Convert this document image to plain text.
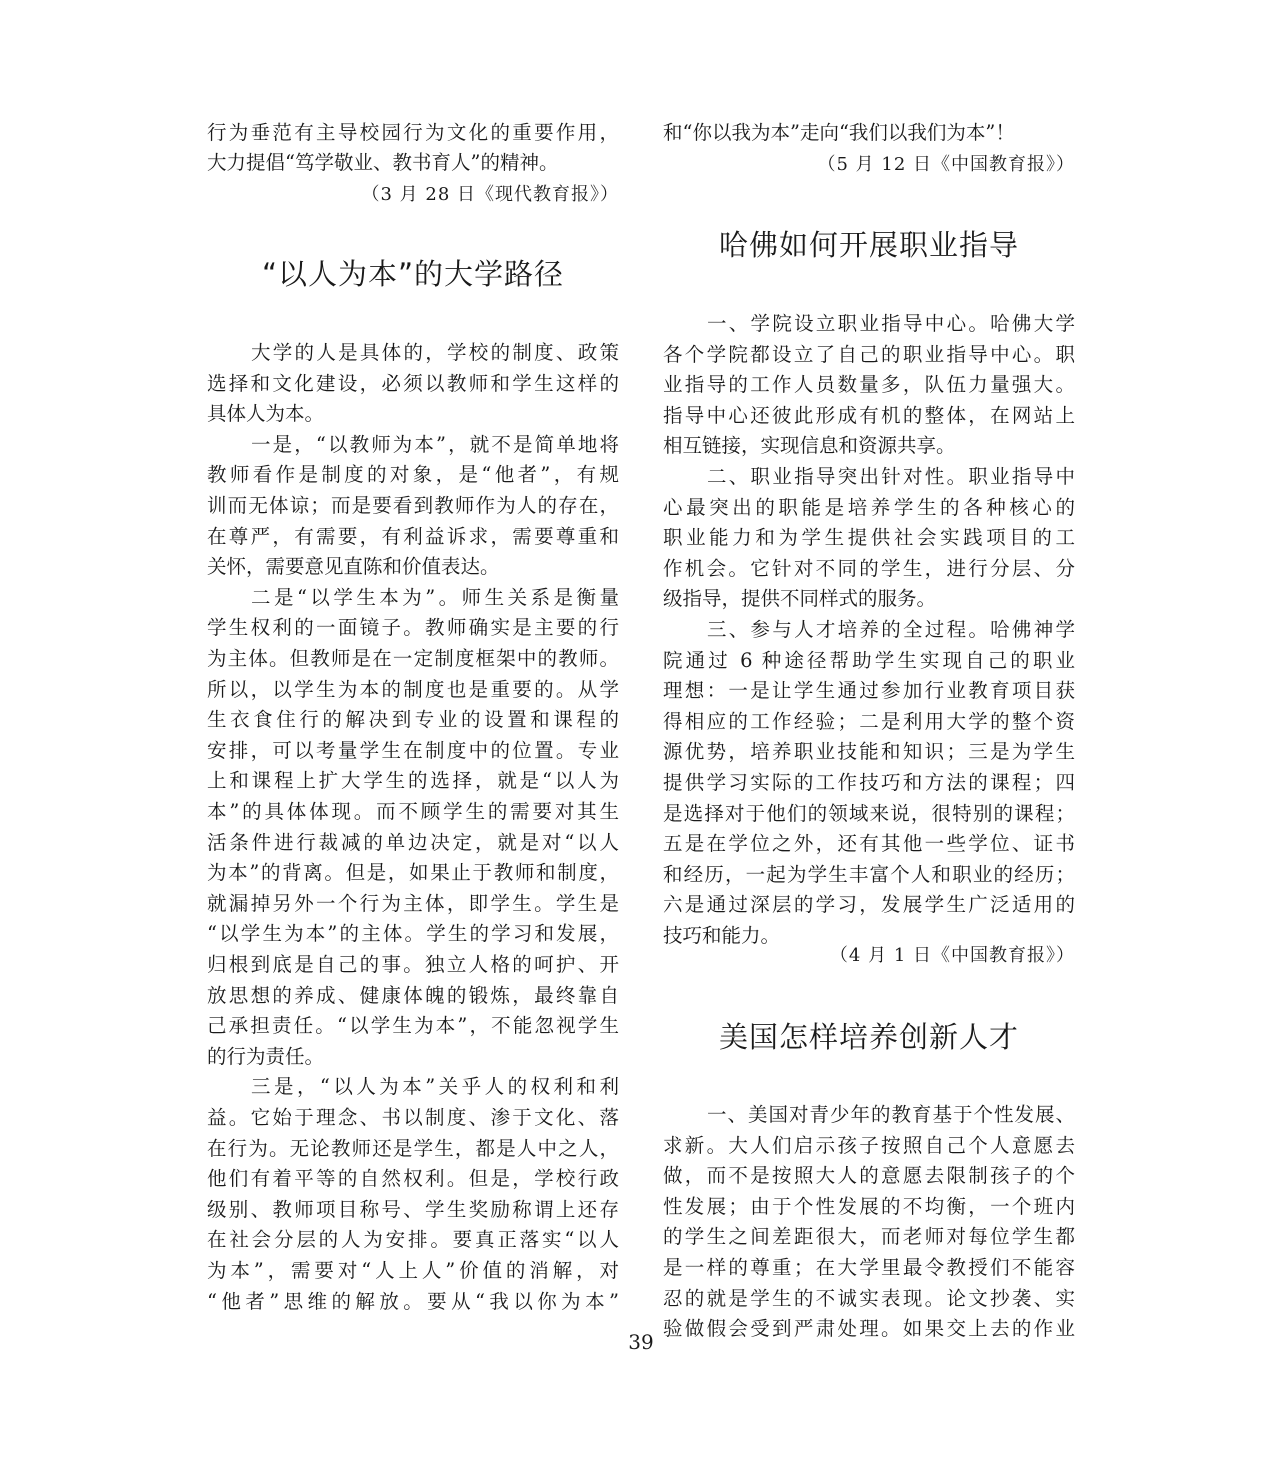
行为垂范有主导校园行为文化的重要作用，
大力提倡“笃学敬业、教书育人”的精神。
（3 月 28 日《现代教育报》）
“以人为本”的大学路径
大学的人是具体的，学校的制度、政策
选择和文化建设，必须以教师和学生这样的
具体人为本。
一是，“以教师为本”，就不是简单地将
教师看作是制度的对象，是“他者”，有规
训而无体谅；而是要看到教师作为人的存在，
在尊严，有需要，有利益诉求，需要尊重和
关怀，需要意见直陈和价值表达。
二是“以学生本为”。师生关系是衡量
学生权利的一面镜子。教师确实是主要的行
为主体。但教师是在一定制度框架中的教师。
所以，以学生为本的制度也是重要的。从学
生衣食住行的解决到专业的设置和课程的
安排，可以考量学生在制度中的位置。专业
上和课程上扩大学生的选择，就是“以人为
本”的具体体现。而不顾学生的需要对其生
活条件进行裁减的单边决定，就是对“以人
为本”的背离。但是，如果止于教师和制度，
就漏掉另外一个行为主体，即学生。学生是
“以学生为本”的主体。学生的学习和发展，
归根到底是自己的事。独立人格的呵护、开
放思想的养成、健康体魄的锻炼，最终靠自
己承担责任。“以学生为本”，不能忽视学生
的行为责任。
三是，“以人为本”关乎人的权利和利
益。它始于理念、书以制度、渗于文化、落
在行为。无论教师还是学生，都是人中之人，
他们有着平等的自然权利。但是，学校行政
级别、教师项目称号、学生奖励称谓上还存
在社会分层的人为安排。要真正落实“以人
为本”，需要对“人上人”价值的消解，对
“他者”思维的解放。要从“我以你为本”
和“你以我为本”走向“我们以我们为本”！
（5 月 12 日《中国教育报》）
哈佛如何开展职业指导
一、学院设立职业指导中心。哈佛大学
各个学院都设立了自己的职业指导中心。职
业指导的工作人员数量多，队伍力量强大。
指导中心还彼此形成有机的整体，在网站上
相互链接，实现信息和资源共享。
二、职业指导突出针对性。职业指导中
心最突出的职能是培养学生的各种核心的
职业能力和为学生提供社会实践项目的工
作机会。它针对不同的学生，进行分层、分
级指导，提供不同样式的服务。
三、参与人才培养的全过程。哈佛神学
院通过 6 种途径帮助学生实现自己的职业
理想：一是让学生通过参加行业教育项目获
得相应的工作经验；二是利用大学的整个资
源优势，培养职业技能和知识；三是为学生
提供学习实际的工作技巧和方法的课程；四
是选择对于他们的领域来说，很特别的课程；
五是在学位之外，还有其他一些学位、证书
和经历，一起为学生丰富个人和职业的经历；
六是通过深层的学习，发展学生广泛适用的
技巧和能力。
（4 月 1 日《中国教育报》）
美国怎样培养创新人才
一、美国对青少年的教育基于个性发展、
求新。大人们启示孩子按照自己个人意愿去
做，而不是按照大人的意愿去限制孩子的个
性发展；由于个性发展的不均衡，一个班内
的学生之间差距很大，而老师对每位学生都
是一样的尊重；在大学里最令教授们不能容
忍的就是学生的不诚实表现。论文抄袭、实
验做假会受到严肃处理。如果交上去的作业
39
